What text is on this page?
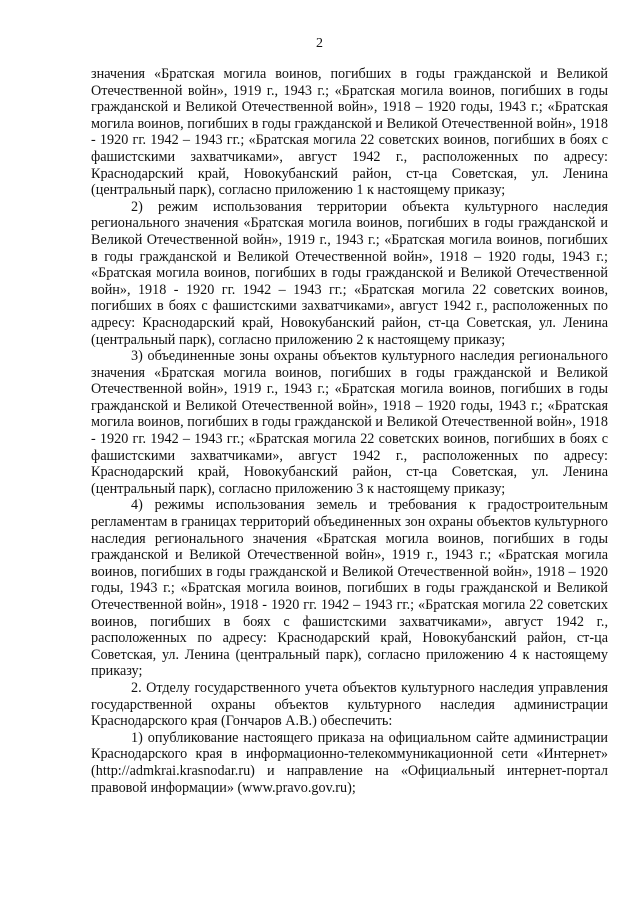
2

значения «Братская могила воинов, погибших в годы гражданской и Великой Отечественной войн», 1919 г., 1943 г.; «Братская могила воинов, погибших в годы гражданской и Великой Отечественной войн», 1918 – 1920 годы, 1943 г.; «Братская могила воинов, погибших в годы гражданской и Великой Отечественной войн», 1918 - 1920 гг. 1942 – 1943 гг.; «Братская могила 22 советских воинов, погибших в боях с фашистскими захватчиками», август 1942 г., расположенных по адресу: Краснодарский край, Новокубанский район, ст-ца Советская, ул. Ленина (центральный парк), согласно приложению 1 к настоящему приказу;

2) режим использования территории объекта культурного наследия регионального значения «Братская могила воинов, погибших в годы гражданской и Великой Отечественной войн», 1919 г., 1943 г.; «Братская могила воинов, погибших в годы гражданской и Великой Отечественной войн», 1918 – 1920 годы, 1943 г.; «Братская могила воинов, погибших в годы гражданской и Великой Отечественной войн», 1918 - 1920 гг. 1942 – 1943 гг.; «Братская могила 22 советских воинов, погибших в боях с фашистскими захватчиками», август 1942 г., расположенных по адресу: Краснодарский край, Новокубанский район, ст-ца Советская, ул. Ленина (центральный парк), согласно приложению 2 к настоящему приказу;

3) объединенные зоны охраны объектов культурного наследия регионального значения «Братская могила воинов, погибших в годы гражданской и Великой Отечественной войн», 1919 г., 1943 г.; «Братская могила воинов, погибших в годы гражданской и Великой Отечественной войн», 1918 – 1920 годы, 1943 г.; «Братская могила воинов, погибших в годы гражданской и Великой Отечественной войн», 1918 - 1920 гг. 1942 – 1943 гг.; «Братская могила 22 советских воинов, погибших в боях с фашистскими захватчиками», август 1942 г., расположенных по адресу: Краснодарский край, Новокубанский район, ст-ца Советская, ул. Ленина (центральный парк), согласно приложению 3 к настоящему приказу;

4) режимы использования земель и требования к градостроительным регламентам в границах территорий объединенных зон охраны объектов культурного наследия регионального значения «Братская могила воинов, погибших в годы гражданской и Великой Отечественной войн», 1919 г., 1943 г.; «Братская могила воинов, погибших в годы гражданской и Великой Отечественной войн», 1918 – 1920 годы, 1943 г.; «Братская могила воинов, погибших в годы гражданской и Великой Отечественной войн», 1918 - 1920 гг. 1942 – 1943 гг.; «Братская могила 22 советских воинов, погибших в боях с фашистскими захватчиками», август 1942 г., расположенных по адресу: Краснодарский край, Новокубанский район, ст-ца Советская, ул. Ленина (центральный парк), согласно приложению 4 к настоящему приказу;

2. Отделу государственного учета объектов культурного наследия управления государственной охраны объектов культурного наследия администрации Краснодарского края (Гончаров А.В.) обеспечить:

1) опубликование настоящего приказа на официальном сайте администрации Краснодарского края в информационно-телекоммуникационной сети «Интернет» (http://admkrai.krasnodar.ru) и направление на «Официальный интернет-портал правовой информации» (www.pravo.gov.ru);
